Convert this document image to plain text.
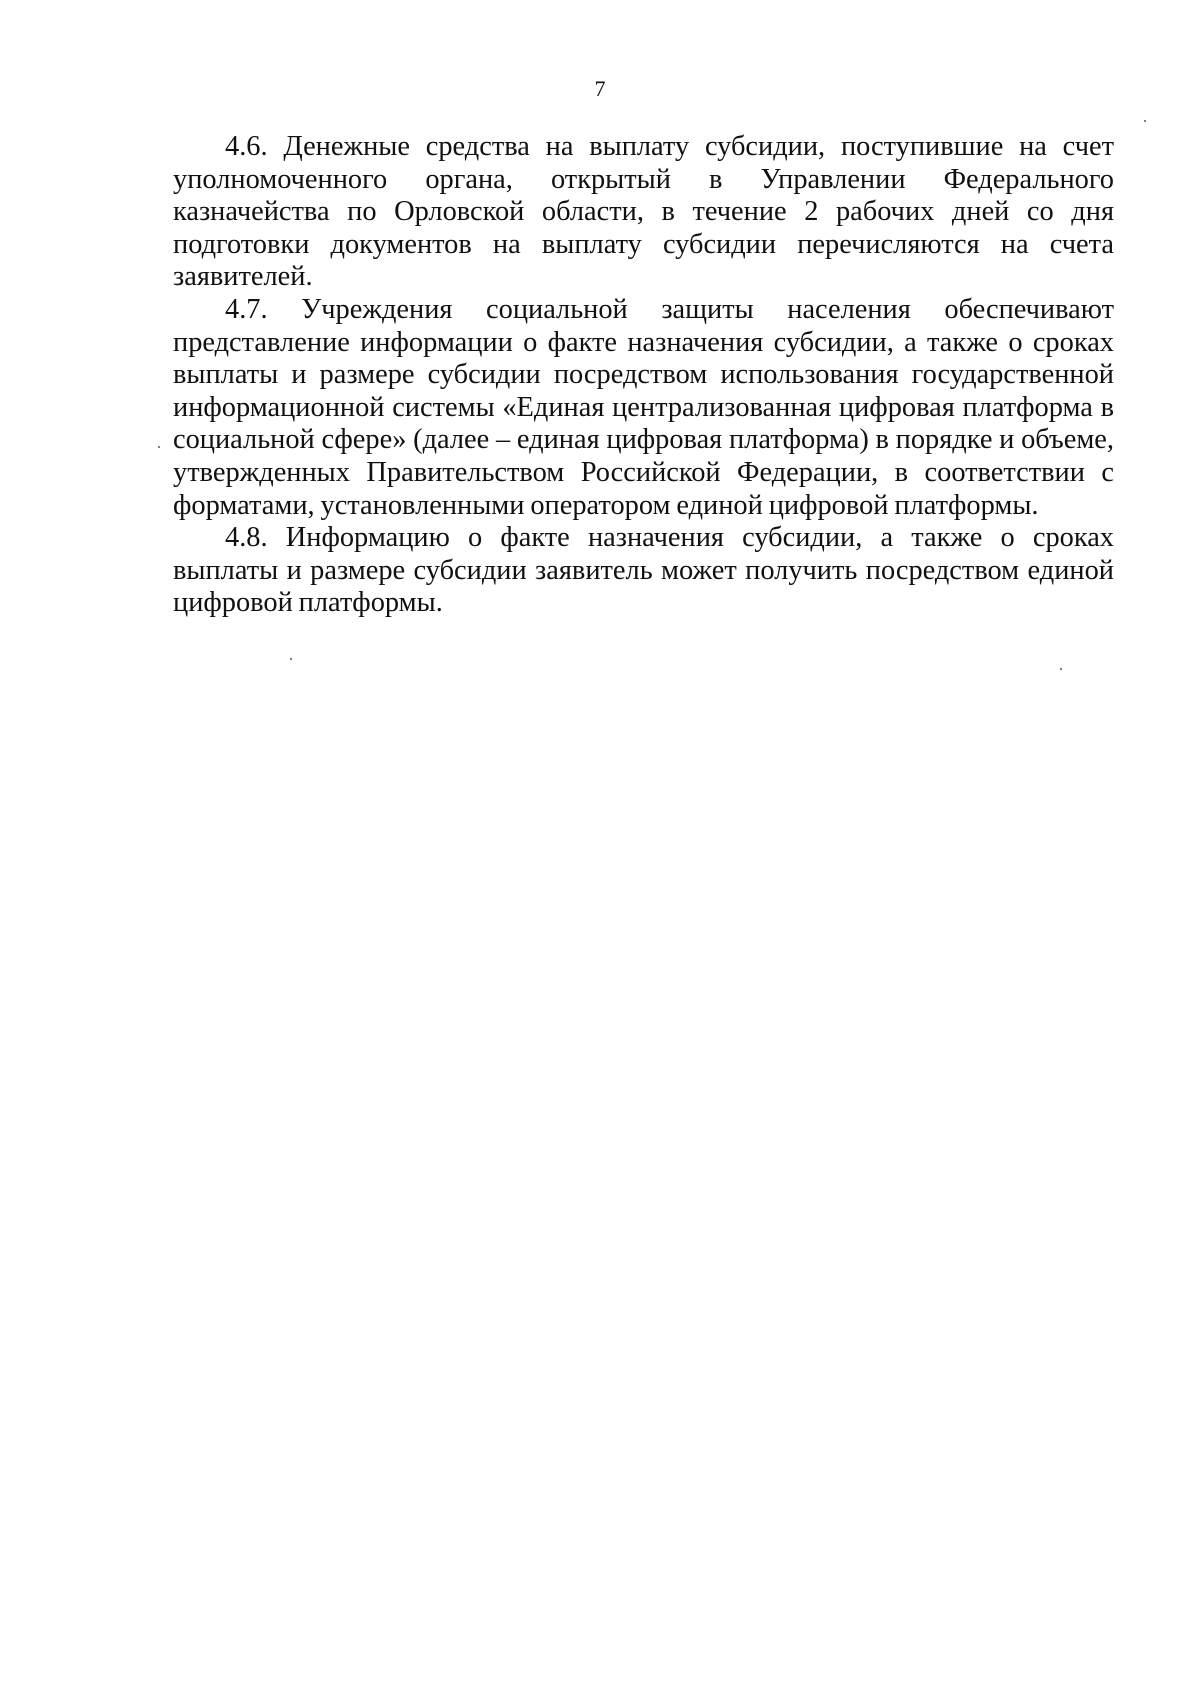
7

4.6. Денежные средства на выплату субсидии, поступившие на счет уполномоченного органа, открытый в Управлении Федерального казначейства по Орловской области, в течение 2 рабочих дней со дня подготовки документов на выплату субсидии перечисляются на счета заявителей.

4.7. Учреждения социальной защиты населения обеспечивают представление информации о факте назначения субсидии, а также о сроках выплаты и размере субсидии посредством использования государственной информационной системы «Единая централизованная цифровая платформа в социальной сфере» (далее – единая цифровая платформа) в порядке и объеме, утвержденных Правительством Российской Федерации, в соответствии с форматами, установленными оператором единой цифровой платформы.

4.8. Информацию о факте назначения субсидии, а также о сроках выплаты и размере субсидии заявитель может получить посредством единой цифровой платформы.
